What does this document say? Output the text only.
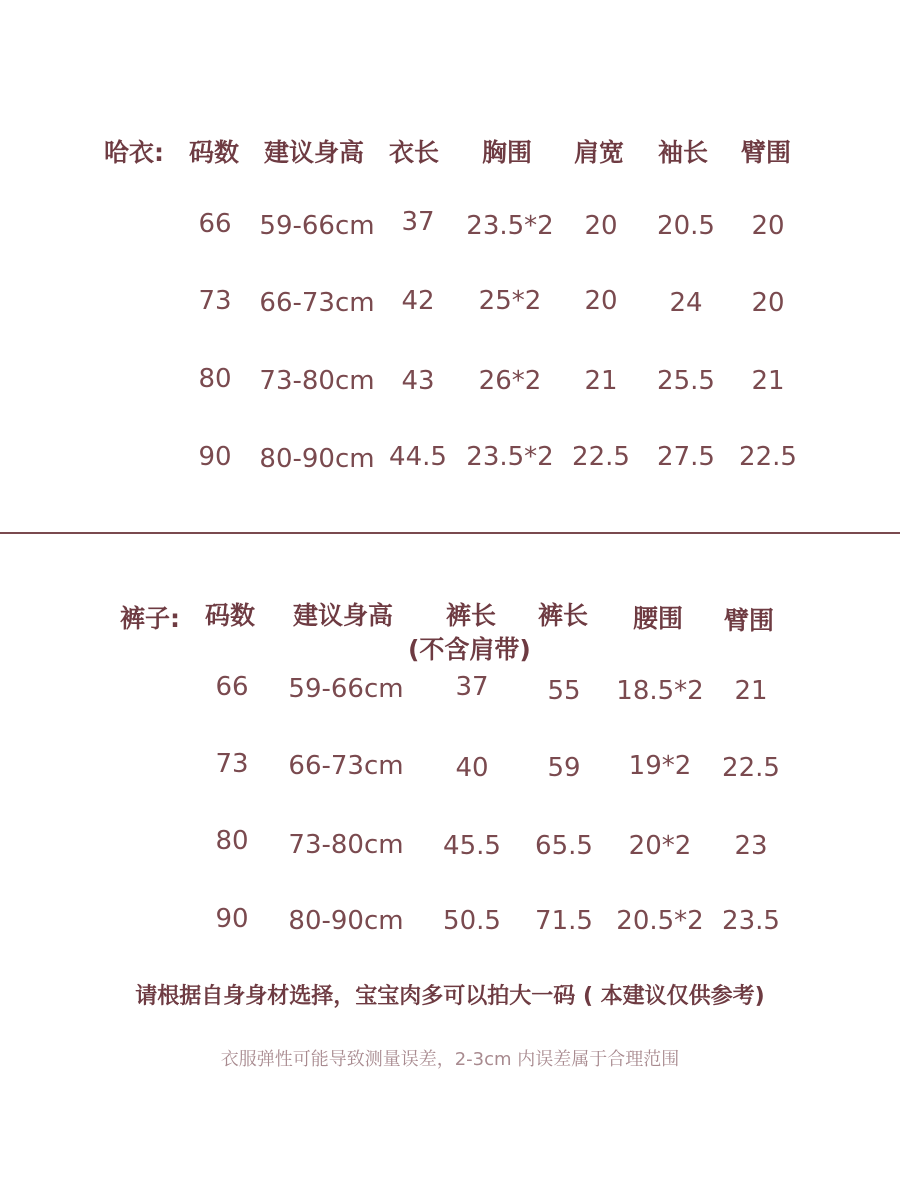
哈衣: 码数 建议身高 衣长 胸围 肩宽 袖长 臂围
66 59-66cm 37 23.5*2 20 20.5 20
73 66-73cm 42 25*2 20 24 20
80 73-80cm 43 26*2 21 25.5 21
90 80-90cm 44.5 23.5*2 22.5 27.5 22.5
裤子: 码数 建议身高 裤长
(不含肩带)
裤长 腰围 臂围
66 59-66cm 37 55 18.5*2 21
73 66-73cm 40 59 19*2 22.5
80 73-80cm 45.5 65.5 20*2 23
90 80-90cm 50.5 71.5 20.5*2 23.5
请根据自身身材选择，宝宝肉多可以拍大一码 ( 本建议仅供参考)
衣服弹性可能导致测量误差，2-3cm 内误差属于合理范围
